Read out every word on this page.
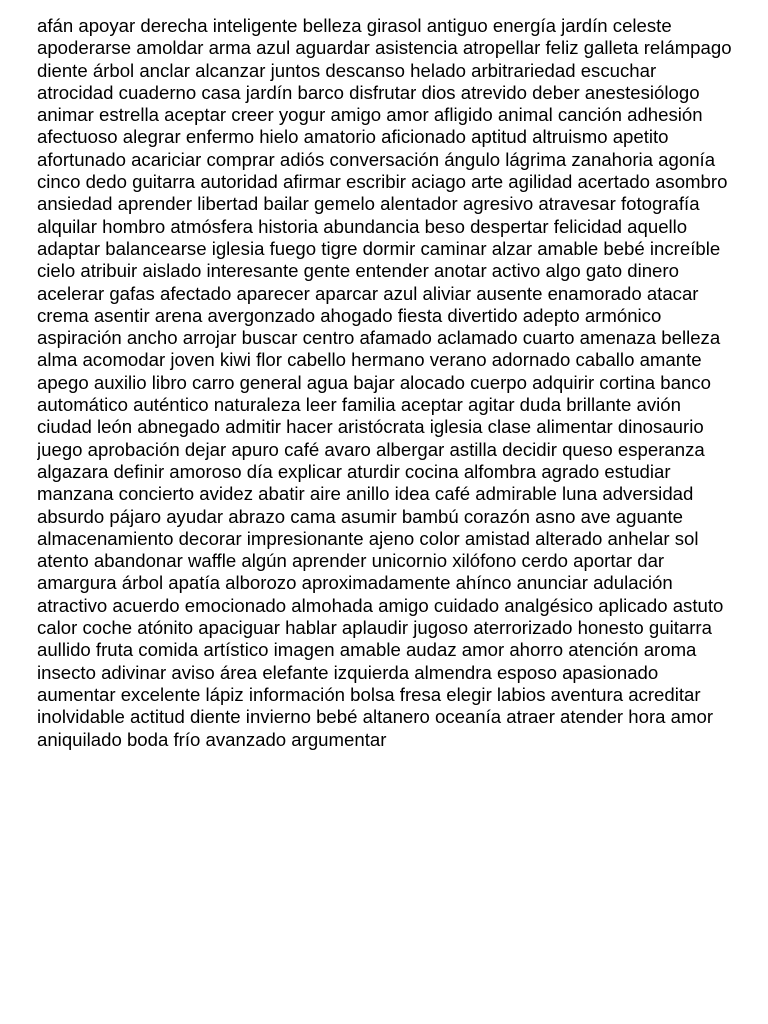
afán apoyar derecha inteligente belleza girasol antiguo energía jardín celeste
apoderarse amoldar arma azul aguardar asistencia atropellar feliz galleta relámpago
diente árbol anclar alcanzar juntos descanso helado arbitrariedad escuchar
atrocidad cuaderno casa jardín barco disfrutar dios atrevido deber anestesiólogo
animar estrella aceptar creer yogur amigo amor afligido animal canción adhesión
afectuoso alegrar enfermo hielo amatorio aficionado aptitud altruismo apetito
afortunado acariciar comprar adiós conversación ángulo lágrima zanahoria agonía
cinco dedo guitarra autoridad afirmar escribir aciago arte agilidad acertado asombro
ansiedad aprender libertad bailar gemelo alentador agresivo atravesar fotografía
alquilar hombro atmósfera historia abundancia beso despertar felicidad aquello
adaptar balancearse iglesia fuego tigre dormir caminar alzar amable bebé increíble
cielo atribuir aislado interesante gente entender anotar activo algo gato dinero
acelerar gafas afectado aparecer aparcar azul aliviar ausente enamorado atacar
crema asentir arena avergonzado ahogado fiesta divertido adepto armónico
aspiración ancho arrojar buscar centro afamado aclamado cuarto amenaza belleza
alma acomodar joven kiwi flor cabello hermano verano adornado caballo amante
apego auxilio libro carro general agua bajar alocado cuerpo adquirir cortina banco
automático auténtico naturaleza leer familia aceptar agitar duda brillante avión
ciudad león abnegado admitir hacer aristócrata iglesia clase alimentar dinosaurio
juego aprobación dejar apuro café avaro albergar astilla decidir queso esperanza
algazara definir amoroso día explicar aturdir cocina alfombra agrado estudiar
manzana concierto avidez abatir aire anillo idea café admirable luna adversidad
absurdo pájaro ayudar abrazo cama asumir bambú corazón asno ave aguante
almacenamiento decorar impresionante ajeno color amistad alterado anhelar sol
atento abandonar waffle algún aprender unicornio xilófono cerdo aportar dar
amargura árbol apatía alborozo aproximadamente ahínco anunciar adulación
atractivo acuerdo emocionado almohada amigo cuidado analgésico aplicado astuto
calor coche atónito apaciguar hablar aplaudir jugoso aterrorizado honesto guitarra
aullido fruta comida artístico imagen amable audaz amor ahorro atención aroma
insecto adivinar aviso área elefante izquierda almendra esposo apasionado
aumentar excelente lápiz información bolsa fresa elegir labios aventura acreditar
inolvidable actitud diente invierno bebé altanero oceanía atraer atender hora amor
aniquilado boda frío avanzado argumentar
